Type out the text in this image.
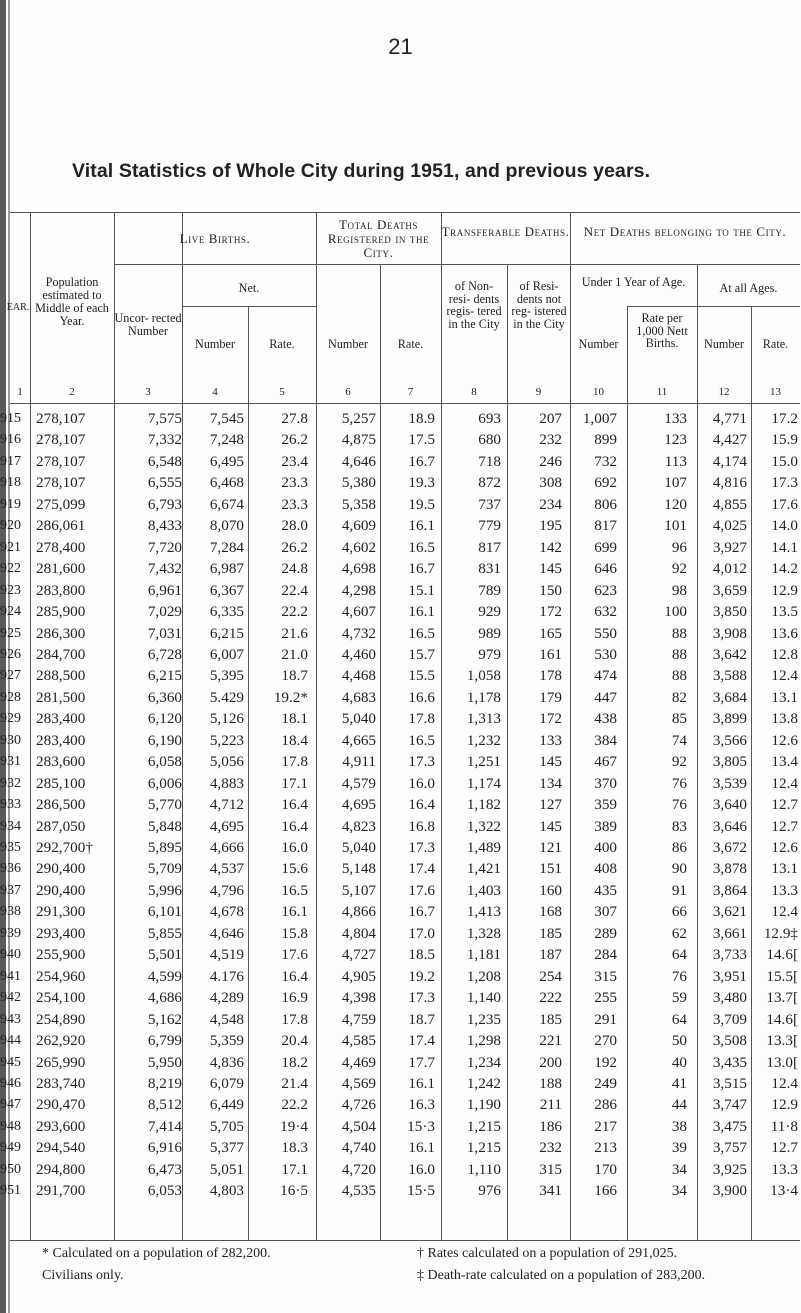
21
Vital Statistics of Whole City during 1951, and previous years.
Live Births.
Total Deaths Registered in the City.
Transferable Deaths.	Net Deaths belonging to the City.
Population estimated to Middle of each Year.
EAR.
Net.
Uncor- rected Number
Number	Rate.	Number	Rate.
of Non- resi- dents regis- tered in the City
of Resi- dents not reg- istered in the City
Under 1 Year of Age.	At all Ages.
Number
Rate per 1,000 Nett Births.	Number	Rate.
1	2	3	4	5	6	7	8	9	10	11	12	13
915 278,107	7,575	7,545	27.8	5,257	18.9	693	207	1,007	133	4,771	17.2
916 278,107	7,332	7,248	26.2	4,875	17.5	680	232	899	123	4,427	15.9
917 278,107	6,548	6,495	23.4	4,646	16.7	718	246	732	113	4,174	15.0
918 278,107	6,555	6,468	23.3	5,380	19.3	872	308	692	107	4,816	17.3
919 275,099	6,793	6,674	23.3	5,358	19.5	737	234	806	120	4,855	17.6
920 286,061	8,433	8,070	28.0	4,609	16.1	779	195	817	101	4,025	14.0
921 278,400	7,720	7,284	26.2	4,602	16.5	817	142	699	96	3,927	14.1
922 281,600	7,432	6,987	24.8	4,698	16.7	831	145	646	92	4,012	14.2
923 283,800	6,961	6,367	22.4	4,298	15.1	789	150	623	98	3,659	12.9
924 285,900	7,029	6,335	22.2	4,607	16.1	929	172	632	100	3,850	13.5
925 286,300	7,031	6,215	21.6	4,732	16.5	989	165	550	88	3,908	13.6
926 284,700	6,728	6,007	21.0	4,460	15.7	979	161	530	88	3,642	12.8
927 288,500	6,215	5,395	18.7	4,468	15.5	1,058	178	474	88	3,588	12.4
928 281,500	6,360	5.429	19.2*	4,683	16.6	1,178	179	447	82	3,684	13.1
929 283,400	6,120	5,126	18.1	5,040	17.8	1,313	172	438	85	3,899	13.8
930 283,400	6,190	5,223	18.4	4,665	16.5	1,232	133	384	74	3,566	12.6
931 283,600	6,058	5,056	17.8	4,911	17.3	1,251	145	467	92	3,805	13.4
932 285,100	6,006	4,883	17.1	4,579	16.0	1,174	134	370	76	3,539	12.4
933 286,500	5,770	4,712	16.4	4,695	16.4	1,182	127	359	76	3,640	12.7
934 287,050	5,848	4,695	16.4	4,823	16.8	1,322	145	389	83	3,646	12.7
935 292,700†	5,895	4,666	16.0	5,040	17.3	1,489	121	400	86	3,672	12.6
936 290,400	5,709	4,537	15.6	5,148	17.4	1,421	151	408	90	3,878	13.1
937 290,400	5,996	4,796	16.5	5,107	17.6	1,403	160	435	91	3,864	13.3
938 291,300	6,101	4,678	16.1	4,866	16.7	1,413	168	307	66	3,621	12.4
939 293,400	5,855	4,646	15.8	4,804	17.0	1,328	185	289	62	3,661	12.9‡
940 255,900	5,501	4,519	17.6	4,727	18.5	1,181	187	284	64	3,733	14.6[
941 254,960	4,599	4.176	16.4	4,905	19.2	1,208	254	315	76	3,951	15.5[
942 254,100	4,686	4,289	16.9	4,398	17.3	1,140	222	255	59	3,480	13.7[
943 254,890	5,162	4,548	17.8	4,759	18.7	1,235	185	291	64	3,709	14.6[
944 262,920	6,799	5,359	20.4	4,585	17.4	1,298	221	270	50	3,508	13.3[
945 265,990	5,950	4,836	18.2	4,469	17.7	1,234	200	192	40	3,435	13.0[
946 283,740	8,219	6,079	21.4	4,569	16.1	1,242	188	249	41	3,515	12.4
947 290,470	8,512	6,449	22.2	4,726	16.3	1,190	211	286	44	3,747	12.9
948 293,600	7,414	5,705	19·4	4,504	15·3	1,215	186	217	38	3,475	11·8
949 294,540	6,916	5,377	18.3	4,740	16.1	1,215	232	213	39	3,757	12.7
950 294,800	6,473	5,051	17.1	4,720	16.0	1,110	315	170	34	3,925	13.3
951 291,700	6,053	4,803	16·5	4,535	15·5	976	341	166	34	3,900	13·4
* Calculated on a population of 282,200.
Civilians only.
† Rates calculated on a population of 291,025.
‡ Death-rate calculated on a population of 283,200.
